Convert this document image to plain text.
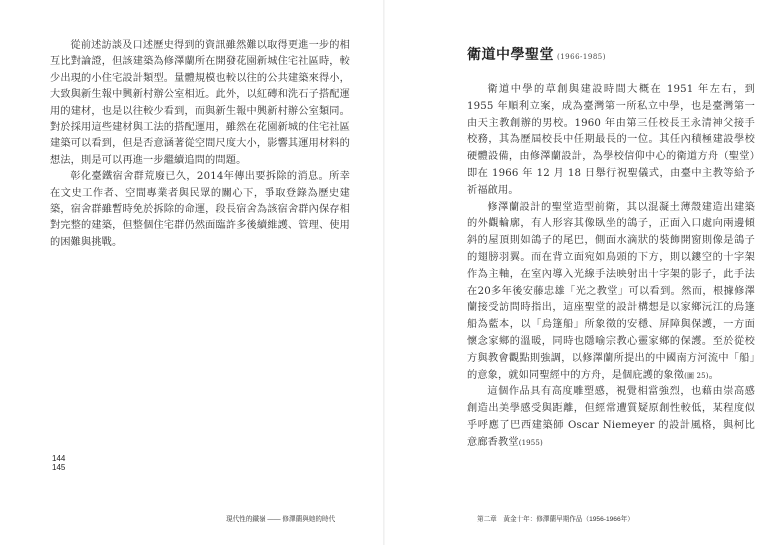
從前述訪談及口述歷史得到的資訊雖然難以取得更進一步的相互比對論證，但該建築為修澤蘭所在開發花園新城住宅社區時，較少出現的小住宅設計類型。量體規模也較以往的公共建築來得小，大致與新生報中興新村辦公室相近。此外，以紅磚和洗石子搭配運用的建材，也是以往較少看到，而與新生報中興新村辦公室類同。對於採用這些建材與工法的搭配運用，雖然在花園新城的住宅社區建築可以看到，但是否意涵著從空間尺度大小，影響其運用材料的想法，則是可以再進一步繼續追問的問題。

彰化臺鐵宿舍群荒廢已久，2014年傳出要拆除的消息。所幸在文史工作者、空間專業者與民眾的關心下，爭取登錄為歷史建築，宿舍群雖暫時免於拆除的命運，段長宿舍為該宿舍群內保存相對完整的建築，但整個住宅群仍然面臨許多後續維護、管理、使用的困難與挑戰。

144
145

現代性的鐵嶺 —— 修澤蘭與她的時代

衛道中學聖堂 (1966-1985)

衛道中學的草創與建設時間大概在 1951 年左右，到 1955 年順利立案，成為臺灣第一所私立中學，也是臺灣第一由天主教創辦的男校。1960 年由第三任校長王永清神父接手校務，其為歷屆校長中任期最長的一位。其任內積極建設學校硬體設備，由修澤蘭設計，為學校信仰中心的衛道方舟（聖堂）即在 1966 年 12 月 18 日舉行祝聖儀式，由臺中主教等給予祈福啟用。

修澤蘭設計的聖堂造型前衛，其以混凝土薄殼建造出建築的外觀輪廓，有人形容其像臥坐的鴿子，正面入口處向兩邊傾斜的屋頂則如鴿子的尾巴，側面水滴狀的裝飾開窗則像是鴿子的翅膀羽翼。而在背立面宛如鳥頭的下方，則以鏤空的十字架作為主軸，在室內導入光線手法映射出十字架的影子，此手法在20多年後安藤忠雄「光之教堂」可以看到。然而，根據修澤蘭接受訪問時指出，這座聖堂的設計構想是以家鄉沅江的烏篷船為藍本，以「烏篷船」所象徵的安穩、屏障與保護，一方面懷念家鄉的溫暖，同時也隱喻宗教心靈家鄉的保護。至於從校方與教會觀點則強調，以修澤蘭所提出的中國南方河流中「船」的意象，就如同聖經中的方舟，是個庇護的象徵(圖 25)。

這個作品具有高度雕塑感，視覺相當強烈，也藉由崇高感創造出美學感受與距離，但經常遭質疑原創性較低，某程度似乎呼應了巴西建築師 Oscar Niemeyer 的設計風格，與柯比意廊香教堂(1955)

第二章　黃金十年：修澤蘭早期作品（1956-1966年）
